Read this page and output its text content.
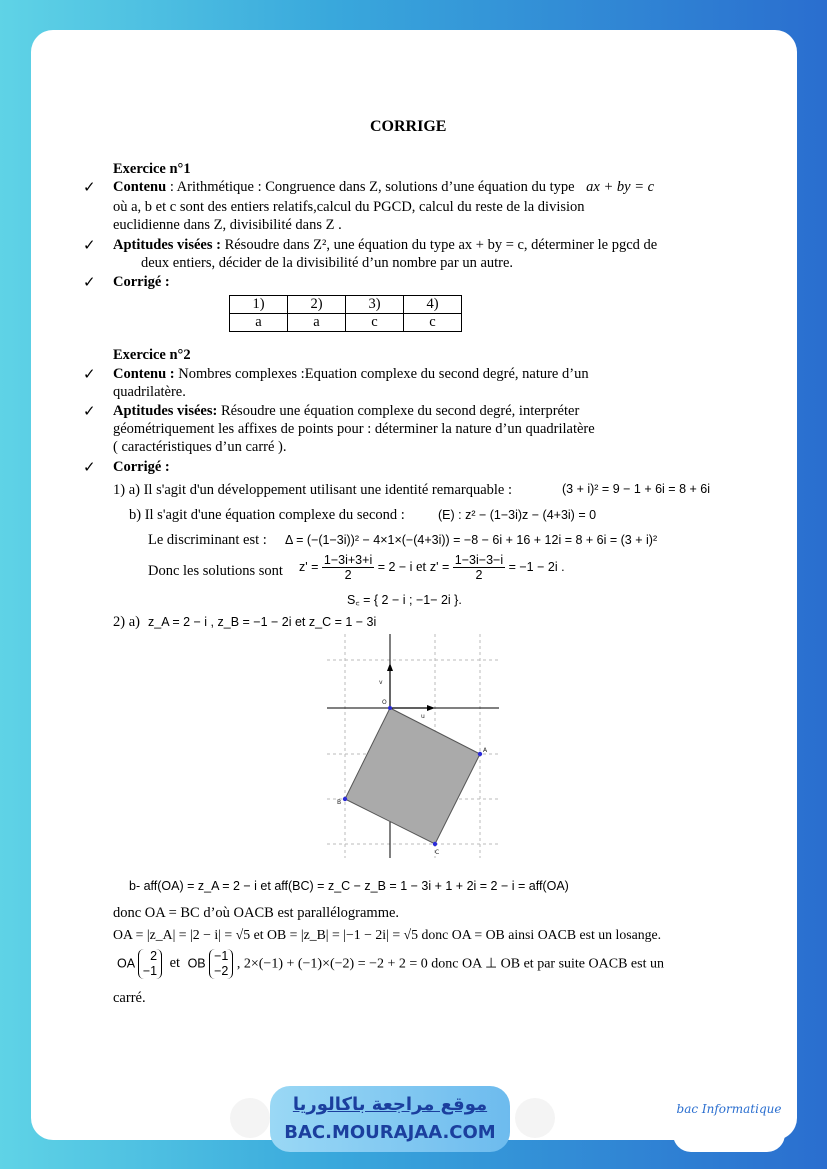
CORRIGE
Exercice n°1
✓ Contenu : Arithmétique : Congruence dans Z, solutions d’une équation du type ax + by = c
où a, b et c sont des entiers relatifs,calcul du PGCD, calcul du reste de la division
euclidienne dans Z, divisibilité dans Z .
✓ Aptitudes visées : Résoudre dans Z², une équation du type ax + by = c, déterminer le pgcd de
deux entiers, décider de la divisibilité d’un nombre par un autre.
✓ Corrigé :
1)	2)	3)	4)
a	a	c	c
Exercice n°2
✓ Contenu : Nombres complexes :Equation complexe du second degré, nature d’un
quadrilatère.
✓ Aptitudes visées: Résoudre une équation complexe du second degré, interpréter
géométriquement les affixes de points pour : déterminer la nature d’un quadrilatère
( caractéristiques d’un carré ).
✓ Corrigé :
1) a) Il s'agit d'un développement utilisant une identité remarquable :	(3 + i)² = 9 − 1 + 6i = 8 + 6i
b) Il s'agit d'une équation complexe du second :	(E) : z² − (1−3i)z − (4+3i) = 0
Le discriminant est : Δ = (−(1−3i))² − 4×1×(−(4+3i)) = −8 − 6i + 16 + 12i = 8 + 6i = (3 + i)²
Donc les solutions sont $z' = \frac{1-3i+3+i}{2} = 2 - i$ et $z' = \frac{1-3i-3-i}{2} = -1 - 2i$ .
S꜀ = { 2 − i ; −1− 2i }.
2) a) z_A = 2 − i , z_B = −1 − 2i et z_C = 1 − 3i
O
A
B
C
u
v
b- aff(OA) = z_A = 2 − i et aff(BC) = z_C − z_B = 1 − 3i + 1 + 2i = 2 − i = aff(OA)
donc OA = BC d’où OACB est parallélogramme.
OA = |z_A| = |2 − i| = √5 et OB = |z_B| = |−1 − 2i| = √5 donc OA = OB ainsi OACB est un losange.
OA
2
−1 et OB
−1
−2 , 2×(−1) + (−1)×(−2) = −2 + 2 = 0 donc OA ⊥ OB et par suite OACB est un
carré.
موقع مراجعة باكالوريا
BAC.MOURAJAA.COM
bac Informatique
